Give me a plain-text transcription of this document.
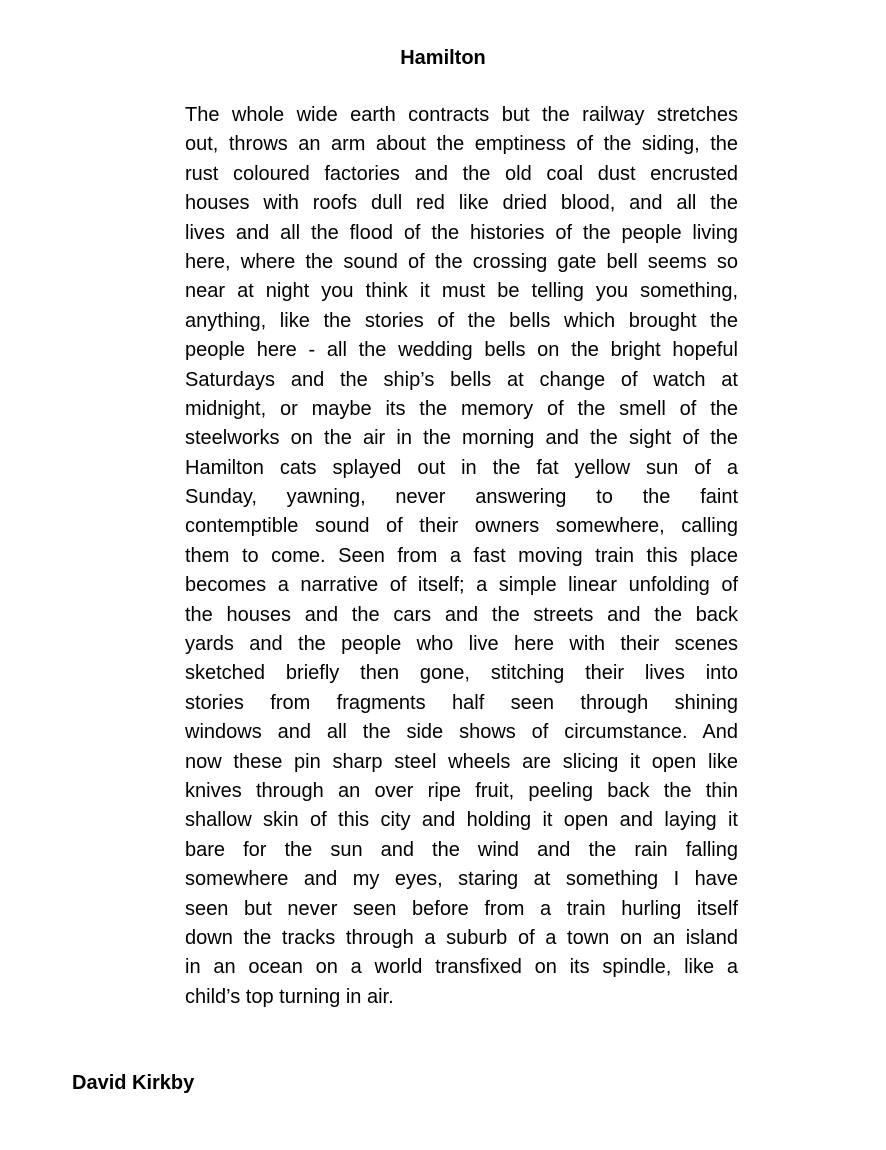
Hamilton
The whole wide earth contracts but the railway stretches
out, throws an arm about the emptiness of the siding, the
rust coloured factories and the old coal dust encrusted
houses with roofs dull red like dried blood, and all the
lives and all the flood of the histories of the people living
here, where the sound of the crossing gate bell seems so
near at night you think it must be telling you something,
anything, like the stories of the bells which brought the
people here - all the wedding bells on the bright hopeful
Saturdays and the ship’s bells at change of watch at
midnight, or maybe its the memory of the smell of the
steelworks on the air in the morning and the sight of the
Hamilton cats splayed out in the fat yellow sun of a
Sunday, yawning, never answering to the faint
contemptible sound of their owners somewhere, calling
them to come. Seen from a fast moving train this place
becomes a narrative of itself; a simple linear unfolding of
the houses and the cars and the streets and the back
yards and the people who live here with their scenes
sketched briefly then gone, stitching their lives into
stories from fragments half seen through shining
windows and all the side shows of circumstance. And
now these pin sharp steel wheels are slicing it open like
knives through an over ripe fruit, peeling back the thin
shallow skin of this city and holding it open and laying it
bare for the sun and the wind and the rain falling
somewhere and my eyes, staring at something I have
seen but never seen before from a train hurling itself
down the tracks through a suburb of a town on an island
in an ocean on a world transfixed on its spindle, like a
child’s top turning in air.
David Kirkby
